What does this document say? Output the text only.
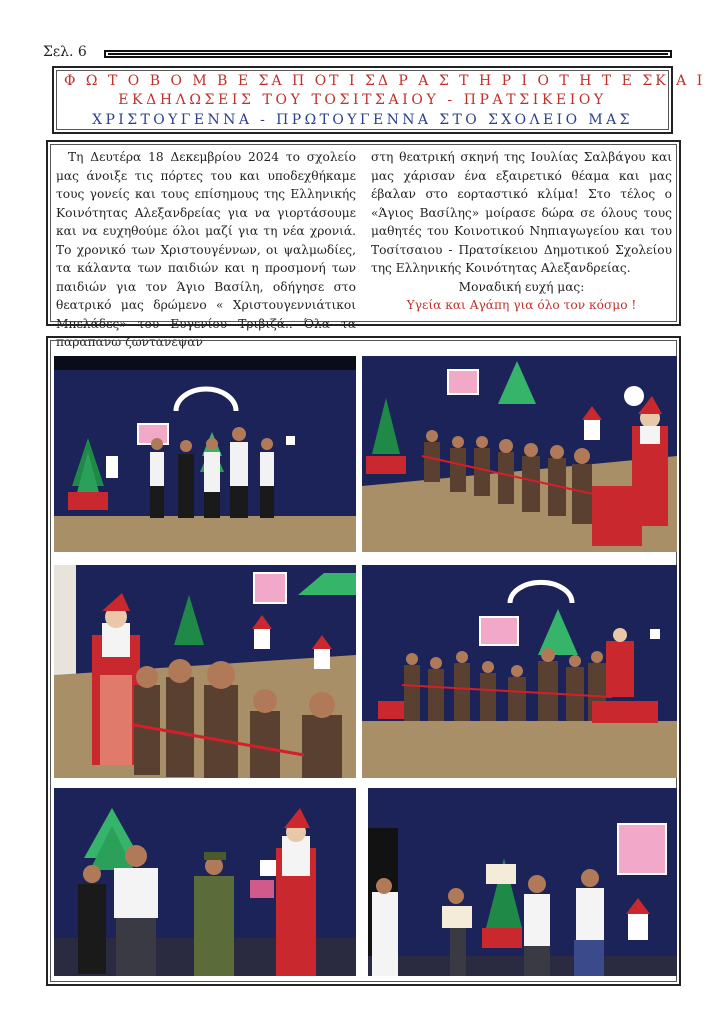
Σελ. 6
Φ Ω Τ Ο Β Ο Μ Β Ε Σ Α Π Ο Τ Ι Σ Δ Ρ Α Σ Τ Η Ρ Ι Ο Τ Η Τ Ε Σ Κ Α Ι
ΕΚΔΗΛΩΣΕΙΣ ΤΟΥ ΤΟΣΙΤΣΑΙΟΥ - ΠΡΑΤΣΙΚΕΙΟΥ
ΧΡΙΣΤΟΥΓΕΝΝΑ - ΠΡΩΤΟΥΓΕΝΝΑ ΣΤΟ ΣΧΟΛΕΙΟ ΜΑΣ
Τη Δευτέρα 18 Δεκεμβρίου 2024 το σχολείο μας άνοιξε τις πόρτες του και υποδεχθήκαμε τους γονείς και τους επίσημους της Ελληνικής Κοινότητας Αλεξανδρείας για να γιορτάσουμε και να ευχηθούμε όλοι μαζί για τη νέα χρονιά. Το χρονικό των Χριστουγέννων, οι ψαλμωδίες, τα κάλαντα των παιδιών και η προσμονή των παιδιών για τον Άγιο Βασίλη, οδήγησε στο θεατρικό μας δρώμενο « Χριστουγεννιάτικοι Μπελάδες» του Ευγενίου Τριβιζά.. Όλα τα παραπάνω ζωντάνεψαν
στη θεατρική σκηνή της Ιουλίας Σαλβάγου και μας χάρισαν ένα εξαιρετικό θέαμα και μας έβαλαν στο εορταστικό κλίμα! Στο τέλος ο «Άγιος Βασίλης» μοίρασε δώρα σε όλους τους μαθητές του Κοινοτικού Νηπιαγωγείου και του Τοσίτσαιου - Πρατσίκειου Δημοτικού Σχολείου της Ελληνικής Κοινότητας Αλεξανδρείας.

Μοναδική ευχή μας:

Υγεία και Αγάπη για όλο τον κόσμο !
